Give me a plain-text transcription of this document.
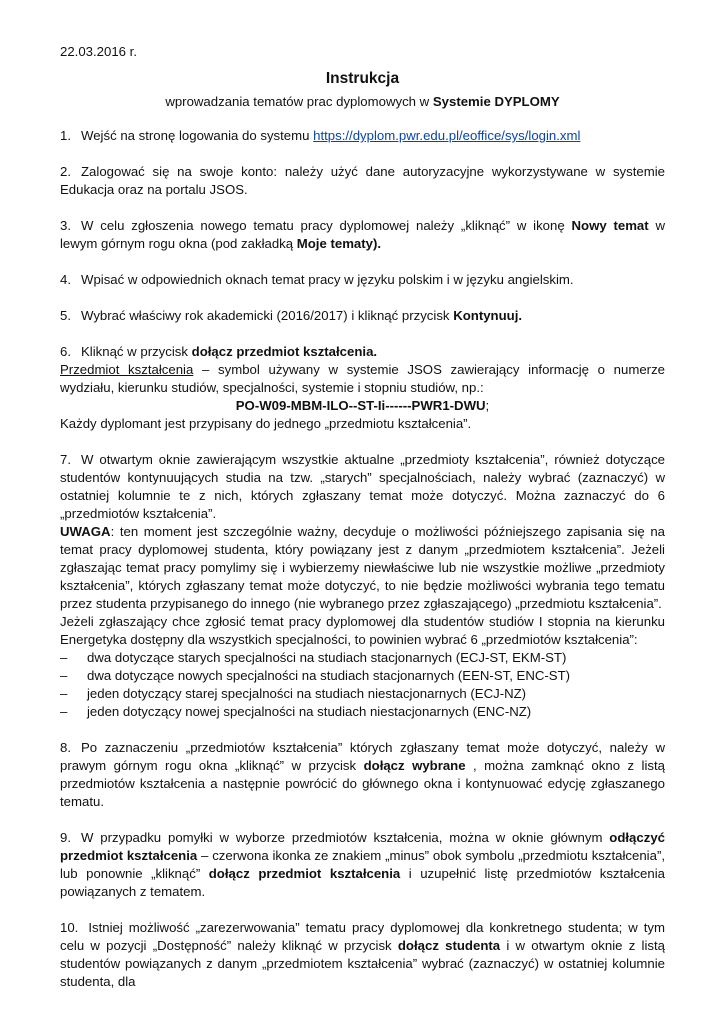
22.03.2016 r.
Instrukcja
wprowadzania tematów prac dyplomowych w Systemie DYPLOMY
1. Wejść na stronę logowania do systemu https://dyplom.pwr.edu.pl/eoffice/sys/login.xml
2. Zalogować się na swoje konto: należy użyć dane autoryzacyjne wykorzystywane w systemie Edukacja oraz na portalu JSOS.
3. W celu zgłoszenia nowego tematu pracy dyplomowej należy „kliknąć” w ikonę Nowy temat w lewym górnym rogu okna (pod zakładką Moje tematy).
4. Wpisać w odpowiednich oknach temat pracy w języku polskim i w języku angielskim.
5. Wybrać właściwy rok akademicki (2016/2017) i kliknąć przycisk Kontynuuj.

6. Kliknąć w przycisk dołącz przedmiot kształcenia.

Przedmiot kształcenia – symbol używany w systemie JSOS zawierający informację o numerze wydziału, kierunku studiów, specjalności, systemie i stopniu studiów, np.:

PO-W09-MBM-ILO--ST-Ii------PWR1-DWU;

Każdy dyplomant jest przypisany do jednego „przedmiotu kształcenia”.

7. W otwartym oknie zawierającym wszystkie aktualne „przedmioty kształcenia”, również dotyczące studentów kontynuujących studia na tzw. „starych” specjalnościach, należy wybrać (zaznaczyć) w ostatniej kolumnie te z nich, których zgłaszany temat może dotyczyć. Można zaznaczyć do 6 „przedmiotów kształcenia”.

UWAGA: ten moment jest szczególnie ważny, decyduje o możliwości późniejszego zapisania się na temat pracy dyplomowej studenta, który powiązany jest z danym „przedmiotem kształcenia”. Jeżeli zgłaszając temat pracy pomylimy się i wybierzemy niewłaściwe lub nie wszystkie możliwe „przedmioty kształcenia”, których zgłaszany temat może dotyczyć, to nie będzie możliwości wybrania tego tematu przez studenta przypisanego do innego (nie wybranego przez zgłaszającego) „przedmiotu kształcenia”.

Jeżeli zgłaszający chce zgłosić temat pracy dyplomowej dla studentów studiów I stopnia na kierunku Energetyka dostępny dla wszystkich specjalności, to powinien wybrać 6 „przedmiotów kształcenia”:

– dwa dotyczące starych specjalności na studiach stacjonarnych (ECJ-ST, EKM-ST)
– dwa dotyczące nowych specjalności na studiach stacjonarnych (EEN-ST, ENC-ST)
– jeden dotyczący starej specjalności na studiach niestacjonarnych (ECJ-NZ)
– jeden dotyczący nowej specjalności na studiach niestacjonarnych (ENC-NZ)
8. Po zaznaczeniu „przedmiotów kształcenia” których zgłaszany temat może dotyczyć, należy w prawym górnym rogu okna „kliknąć” w przycisk dołącz wybrane , można zamknąć okno z listą przedmiotów kształcenia a następnie powrócić do głównego okna i kontynuować edycję zgłaszanego tematu.
9. W przypadku pomyłki w wyborze przedmiotów kształcenia, można w oknie głównym odłączyć przedmiot kształcenia – czerwona ikonka ze znakiem „minus” obok symbolu „przedmiotu kształcenia”, lub ponownie „kliknąć” dołącz przedmiot kształcenia i uzupełnić listę przedmiotów kształcenia powiązanych z tematem.
10. Istniej możliwość „zarezerwowania” tematu pracy dyplomowej dla konkretnego studenta; w tym celu w pozycji „Dostępność” należy kliknąć w przycisk dołącz studenta i w otwartym oknie z listą studentów powiązanych z danym „przedmiotem kształcenia” wybrać (zaznaczyć) w ostatniej kolumnie studenta, dla
